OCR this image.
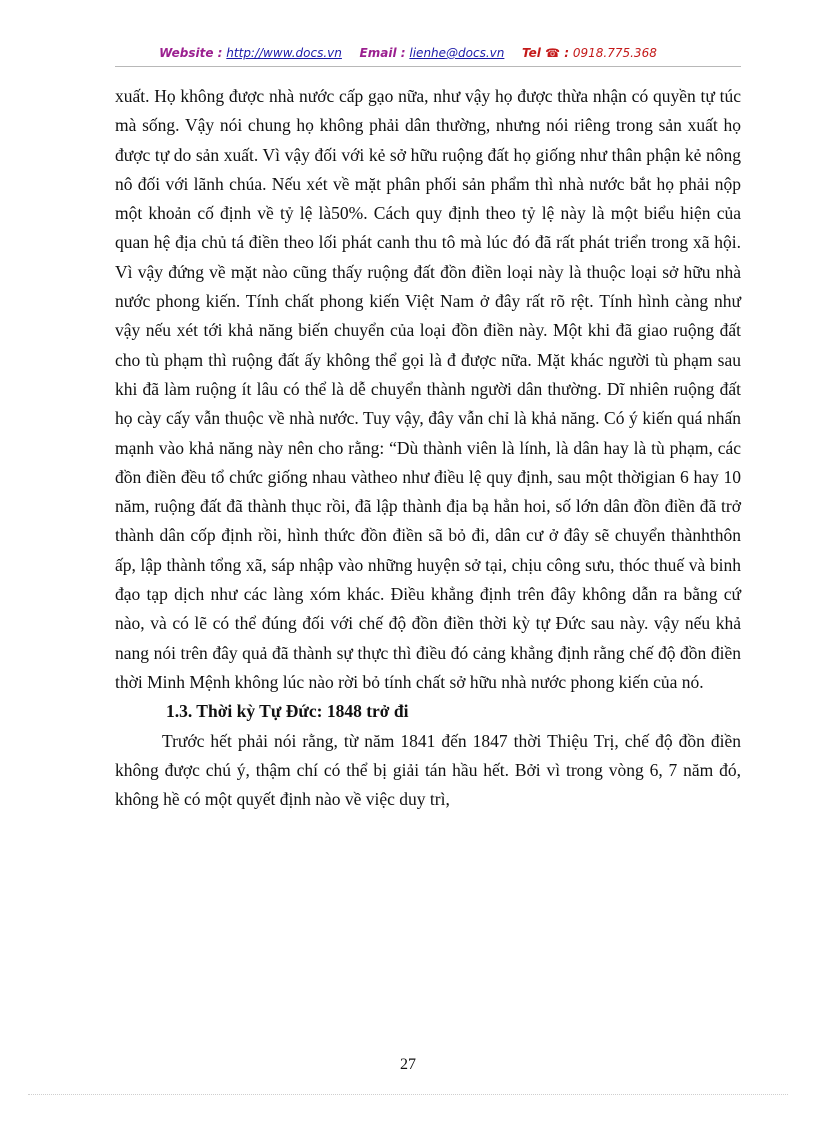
Website : http://www.docs.vn Email : lienhe@docs.vn Tel ☎ : 0918.775.368

xuất. Họ không được nhà nước cấp gạo nữa, như vậy họ được thừa nhận có quyền tự túc mà sống. Vậy nói chung họ không phải dân thường, nhưng nói riêng trong sản xuất họ được tự do sản xuất. Vì vậy đối với kẻ sở hữu ruộng đất họ giống như thân phận kẻ nông nô đối với lãnh chúa. Nếu xét về mặt phân phối sản phẩm thì nhà nước bắt họ phải nộp một khoản cố định về tỷ lệ là50%. Cách quy định theo tỷ lệ này là một biểu hiện của quan hệ địa chủ tá điền theo lối phát canh thu tô mà lúc đó đã rất phát triển trong xã hội. Vì vậy đứng về mặt nào cũng thấy ruộng đất đồn điền loại này là thuộc loại sở hữu nhà nước phong kiến. Tính chất phong kiến Việt Nam ở đây rất rõ rệt. Tính hình càng như vậy nếu xét tới khả năng biến chuyển của loại đồn điền này. Một khi đã giao ruộng đất cho tù phạm thì ruộng đất ấy không thể gọi là đ được nữa. Mặt khác người tù phạm sau khi đã làm ruộng ít lâu có thể là dễ chuyển thành người dân thường. Dĩ nhiên ruộng đất họ cày cấy vẫn thuộc về nhà nước. Tuy vậy, đây vẫn chỉ là khả năng. Có ý kiến quá nhấn mạnh vào khả năng này nên cho rằng: “Dù thành viên là lính, là dân hay là tù phạm, các đồn điền đều tổ chức giống nhau vàtheo như điều lệ quy định, sau một thờigian 6 hay 10 năm, ruộng đất đã thành thục rồi, đã lập thành địa bạ hẳn hoi, số lớn dân đồn điền đã trở thành dân cốp định rồi, hình thức đồn điền sã bỏ đi, dân cư ở đây sẽ chuyển thànhthôn ấp, lập thành tổng xã, sáp nhập vào những huyện sở tại, chịu công sưu, thóc thuế và binh đạo tạp dịch như các làng xóm khác. Điều khẳng định trên đây không dẫn ra bằng cứ nào, và có lẽ có thể đúng đối với chế độ đồn điền thời kỳ tự Đức sau này. vậy nếu khả nang nói trên đây quả đã thành sự thực thì điều đó cảng khẳng định rằng chế độ đồn điền thời Minh Mệnh không lúc nào rời bỏ tính chất sở hữu nhà nước phong kiến của nó.

1.3. Thời kỳ Tự Đức: 1848 trở đi

Trước hết phải nói rằng, từ năm 1841 đến 1847 thời Thiệu Trị, chế độ đồn điền không được chú ý, thậm chí có thể bị giải tán hầu hết. Bởi vì trong vòng 6, 7 năm đó, không hề có một quyết định nào về việc duy trì,

27
